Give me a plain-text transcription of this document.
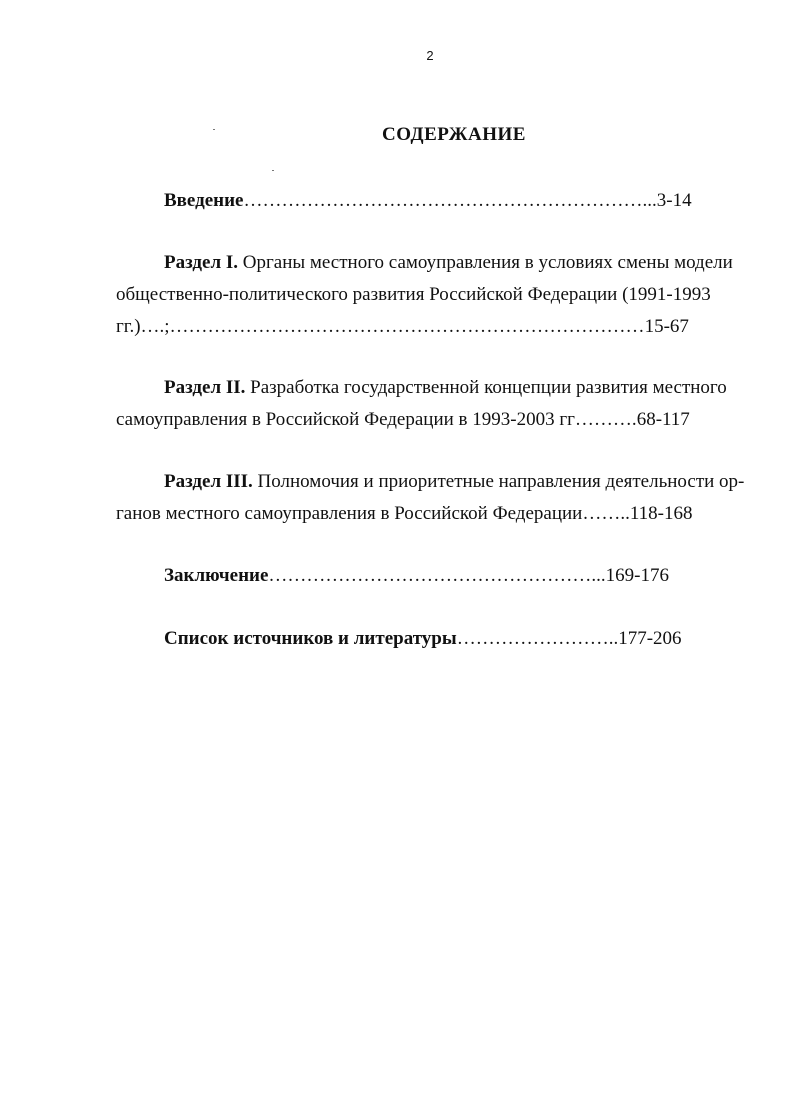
2
СОДЕРЖАНИЕ
Введение………………………………………………………...3-14
Раздел I. Органы местного самоуправления в условиях смены модели
общественно-политического развития Российской Федерации (1991-1993
гг.)….;…………………………………………………………………15-67
Раздел II. Разработка государственной концепции развития местного
самоуправления в Российской Федерации в 1993-2003 гг……….68-117
Раздел III. Полномочия и приоритетные направления деятельности ор-
ганов местного самоуправления в Российской Федерации……..118-168
Заключение……………………………………………...169-176
Список источников и литературы……………………..177-206
